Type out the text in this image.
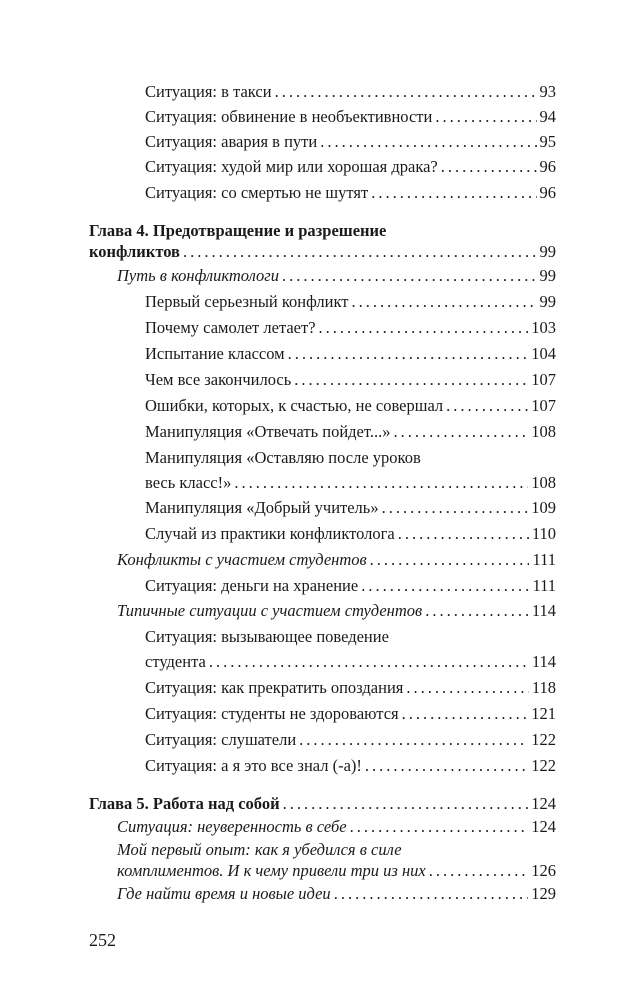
Ситуация: в такси .....	93
Ситуация: обвинение в необъективности .....	94
Ситуация: авария в пути .....	95
Ситуация: худой мир или хорошая драка? .....	96
Ситуация: со смертью не шутят .....	96
Глава 4. Предотвращение и разрешение
конфликтов .....	99
Путь в конфликтологи .....	99
Первый серьезный конфликт .....	99
Почему самолет летает? .....	103
Испытание классом .....	104
Чем все закончилось .....	107
Ошибки, которых, к счастью, не совершал .....	107
Манипуляция «Отвечать пойдет...» .....	108
Манипуляция «Оставляю после уроков
весь класс!» .....	108
Манипуляция «Добрый учитель» .....	109
Случай из практики конфликтолога .....	110
Конфликты с участием студентов .....	111
Ситуация: деньги на хранение .....	111
Типичные ситуации с участием студентов .....	114
Ситуация: вызывающее поведение
студента .....	114
Ситуация: как прекратить опоздания .....	118
Ситуация: студенты не здороваются .....	121
Ситуация: слушатели .....	122
Ситуация: а я это все знал (-а)! .....	122
Глава 5. Работа над собой .....	124
Ситуация: неуверенность в себе .....	124
Мой первый опыт: как я убедился в силе
комплиментов. И к чему привели три из них .....	126
Где найти время и новые идеи .....	129
252
